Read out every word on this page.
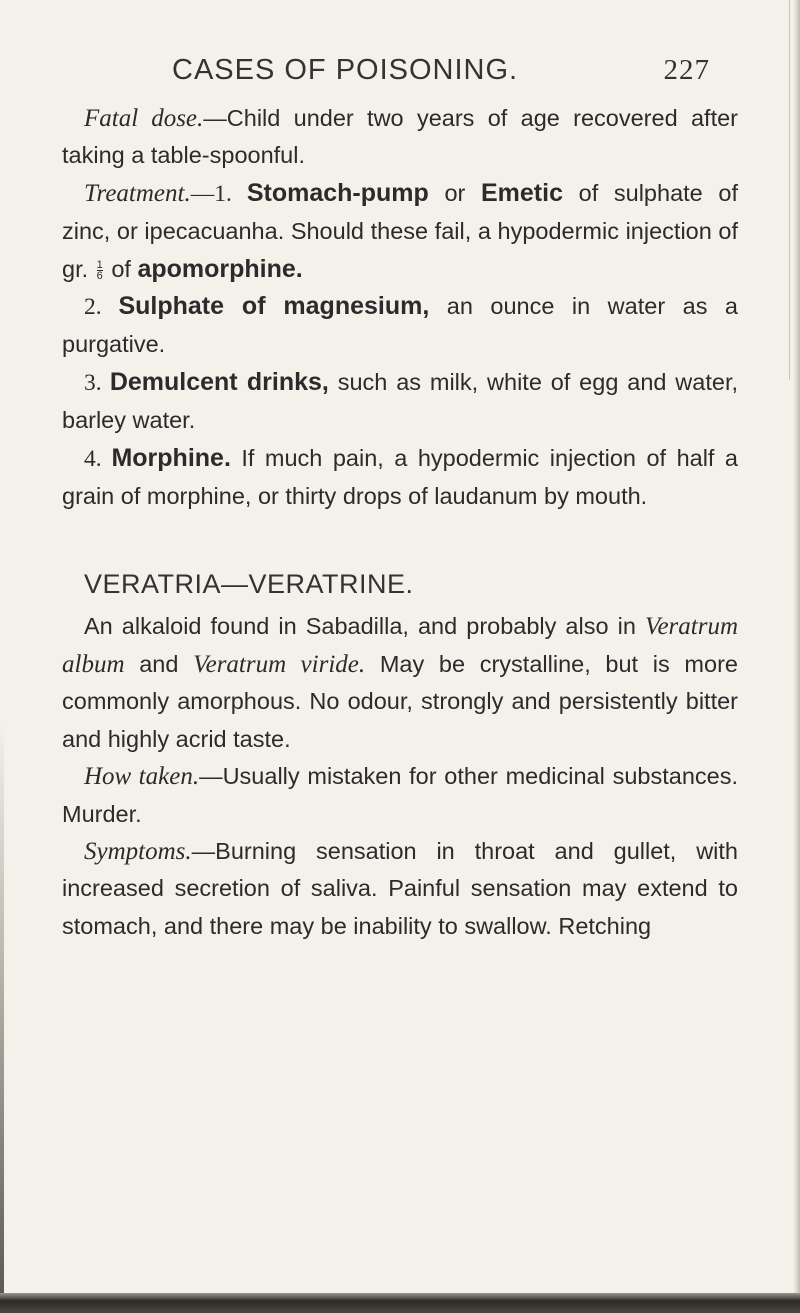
CASES OF POISONING.	227

Fatal dose.—Child under two years of age recovered after taking a table-spoonful.

Treatment.—1. Stomach-pump or Emetic of sulphate of zinc, or ipecacuanha. Should these fail, a hypodermic injection of gr. $\frac{1}{6}$ of apomorphine.

2. Sulphate of magnesium, an ounce in water as a purgative.

3. Demulcent drinks, such as milk, white of egg and water, barley water.

4. Morphine. If much pain, a hypodermic injection of half a grain of morphine, or thirty drops of laudanum by mouth.

VERATRIA—VERATRINE.

An alkaloid found in Sabadilla, and probably also in Veratrum album and Veratrum viride. May be crystalline, but is more commonly amorphous. No odour, strongly and persistently bitter and highly acrid taste.

How taken.—Usually mistaken for other medicinal substances. Murder.

Symptoms.—Burning sensation in throat and gullet, with increased secretion of saliva. Painful sensation may extend to stomach, and there may be inability to swallow. Retching
